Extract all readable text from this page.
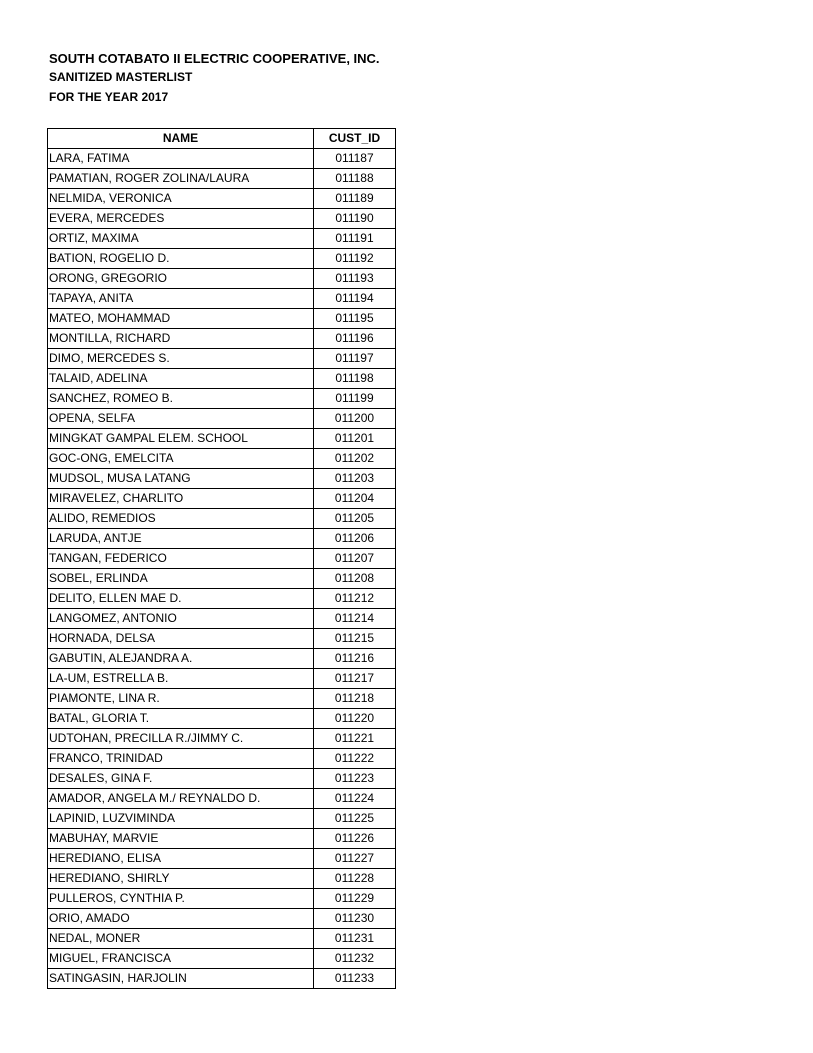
SOUTH COTABATO II ELECTRIC COOPERATIVE, INC.
SANITIZED MASTERLIST
FOR THE YEAR 2017
NAME	CUST_ID
LARA, FATIMA	011187
PAMATIAN, ROGER ZOLINA/LAURA	011188
NELMIDA, VERONICA	011189
EVERA, MERCEDES	011190
ORTIZ, MAXIMA	011191
BATION, ROGELIO D.	011192
ORONG, GREGORIO	011193
TAPAYA, ANITA	011194
MATEO, MOHAMMAD	011195
MONTILLA, RICHARD	011196
DIMO, MERCEDES S.	011197
TALAID, ADELINA	011198
SANCHEZ, ROMEO B.	011199
OPENA, SELFA	011200
MINGKAT GAMPAL ELEM. SCHOOL	011201
GOC-ONG, EMELCITA	011202
MUDSOL, MUSA LATANG	011203
MIRAVELEZ, CHARLITO	011204
ALIDO, REMEDIOS	011205
LARUDA, ANTJE	011206
TANGAN, FEDERICO	011207
SOBEL, ERLINDA	011208
DELITO, ELLEN MAE D.	011212
LANGOMEZ, ANTONIO	011214
HORNADA, DELSA	011215
GABUTIN, ALEJANDRA A.	011216
LA-UM, ESTRELLA B.	011217
PIAMONTE, LINA R.	011218
BATAL, GLORIA T.	011220
UDTOHAN, PRECILLA R./JIMMY C.	011221
FRANCO, TRINIDAD	011222
DESALES, GINA F.	011223
AMADOR, ANGELA M./ REYNALDO D.	011224
LAPINID, LUZVIMINDA	011225
MABUHAY, MARVIE	011226
HEREDIANO, ELISA	011227
HEREDIANO, SHIRLY	011228
PULLEROS, CYNTHIA P.	011229
ORIO, AMADO	011230
NEDAL, MONER	011231
MIGUEL, FRANCISCA	011232
SATINGASIN, HARJOLIN	011233
